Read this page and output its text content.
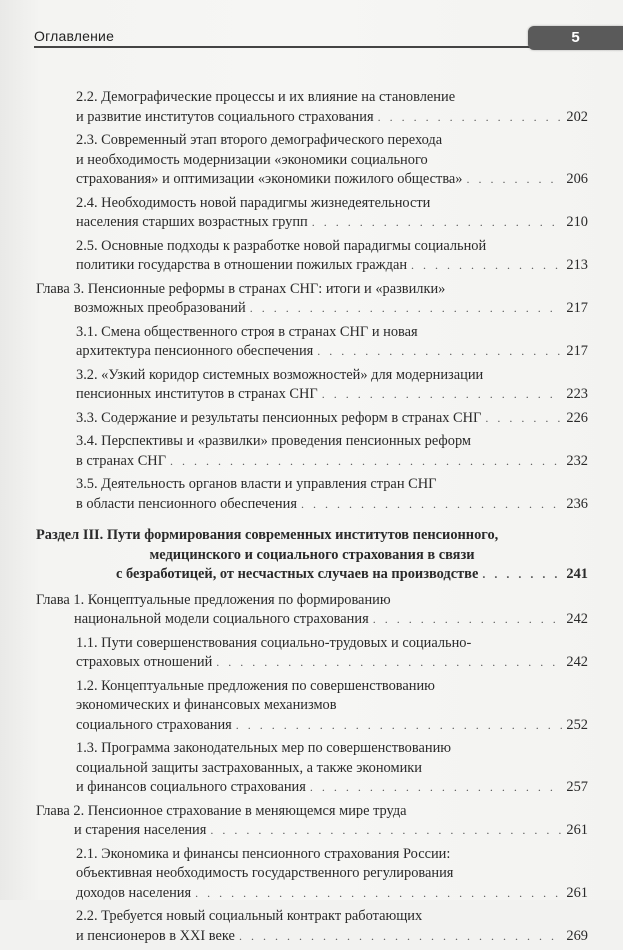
Оглавление	5
2.2. Демографические процессы и их влияние на становление
и развитие институтов социального страхования . . .	202
2.3. Современный этап второго демографического перехода
и необходимость модернизации «экономики социального
страхования» и оптимизации «экономики пожилого общества» . . .	206
2.4. Необходимость новой парадигмы жизнедеятельности
населения старших возрастных групп . . .	210
2.5. Основные подходы к разработке новой парадигмы социальной
политики государства в отношении пожилых граждан . . .	213
Глава 3. Пенсионные реформы в странах СНГ: итоги и «развилки»
возможных преобразований . . .	217
3.1. Смена общественного строя в странах СНГ и новая
архитектура пенсионного обеспечения . . .	217
3.2. «Узкий коридор системных возможностей» для модернизации
пенсионных институтов в странах СНГ . . .	223
3.3. Содержание и результаты пенсионных реформ в странах СНГ . . .	226
3.4. Перспективы и «развилки» проведения пенсионных реформ
в странах СНГ . . .	232
3.5. Деятельность органов власти и управления стран СНГ
в области пенсионного обеспечения . . .	236
Раздел III. Пути формирования современных институтов пенсионного,
медицинского и социального страхования в связи
с безработицей, от несчастных случаев на производстве . . .	241
Глава 1. Концептуальные предложения по формированию
национальной модели социального страхования . . .	242
1.1. Пути совершенствования социально-трудовых и социально-
страховых отношений . . .	242
1.2. Концептуальные предложения по совершенствованию
экономических и финансовых механизмов
социального страхования . . .	252
1.3. Программа законодательных мер по совершенствованию
социальной защиты застрахованных, а также экономики
и финансов социального страхования . . .	257
Глава 2. Пенсионное страхование в меняющемся мире труда
и старения населения . . .	261
2.1. Экономика и финансы пенсионного страхования России:
объективная необходимость государственного регулирования
доходов населения . . .	261
2.2. Требуется новый социальный контракт работающих
и пенсионеров в XXI веке . . .	269
